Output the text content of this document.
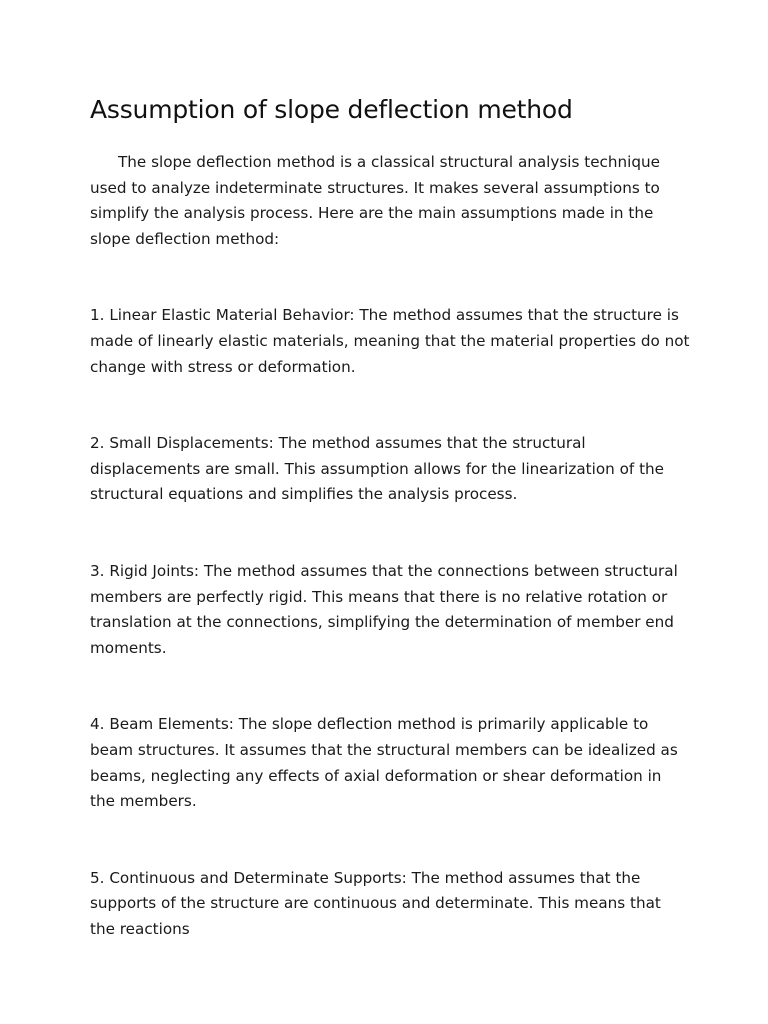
Assumption of slope deflection method

The slope deflection method is a classical structural analysis technique used to analyze indeterminate structures. It makes several assumptions to simplify the analysis process. Here are the main assumptions made in the slope deflection method:

1. Linear Elastic Material Behavior: The method assumes that the structure is made of linearly elastic materials, meaning that the material properties do not change with stress or deformation.

2. Small Displacements: The method assumes that the structural displacements are small. This assumption allows for the linearization of the structural equations and simplifies the analysis process.

3. Rigid Joints: The method assumes that the connections between structural members are perfectly rigid. This means that there is no relative rotation or translation at the connections, simplifying the determination of member end moments.

4. Beam Elements: The slope deflection method is primarily applicable to beam structures. It assumes that the structural members can be idealized as beams, neglecting any effects of axial deformation or shear deformation in the members.

5. Continuous and Determinate Supports: The method assumes that the supports of the structure are continuous and determinate. This means that the reactions
